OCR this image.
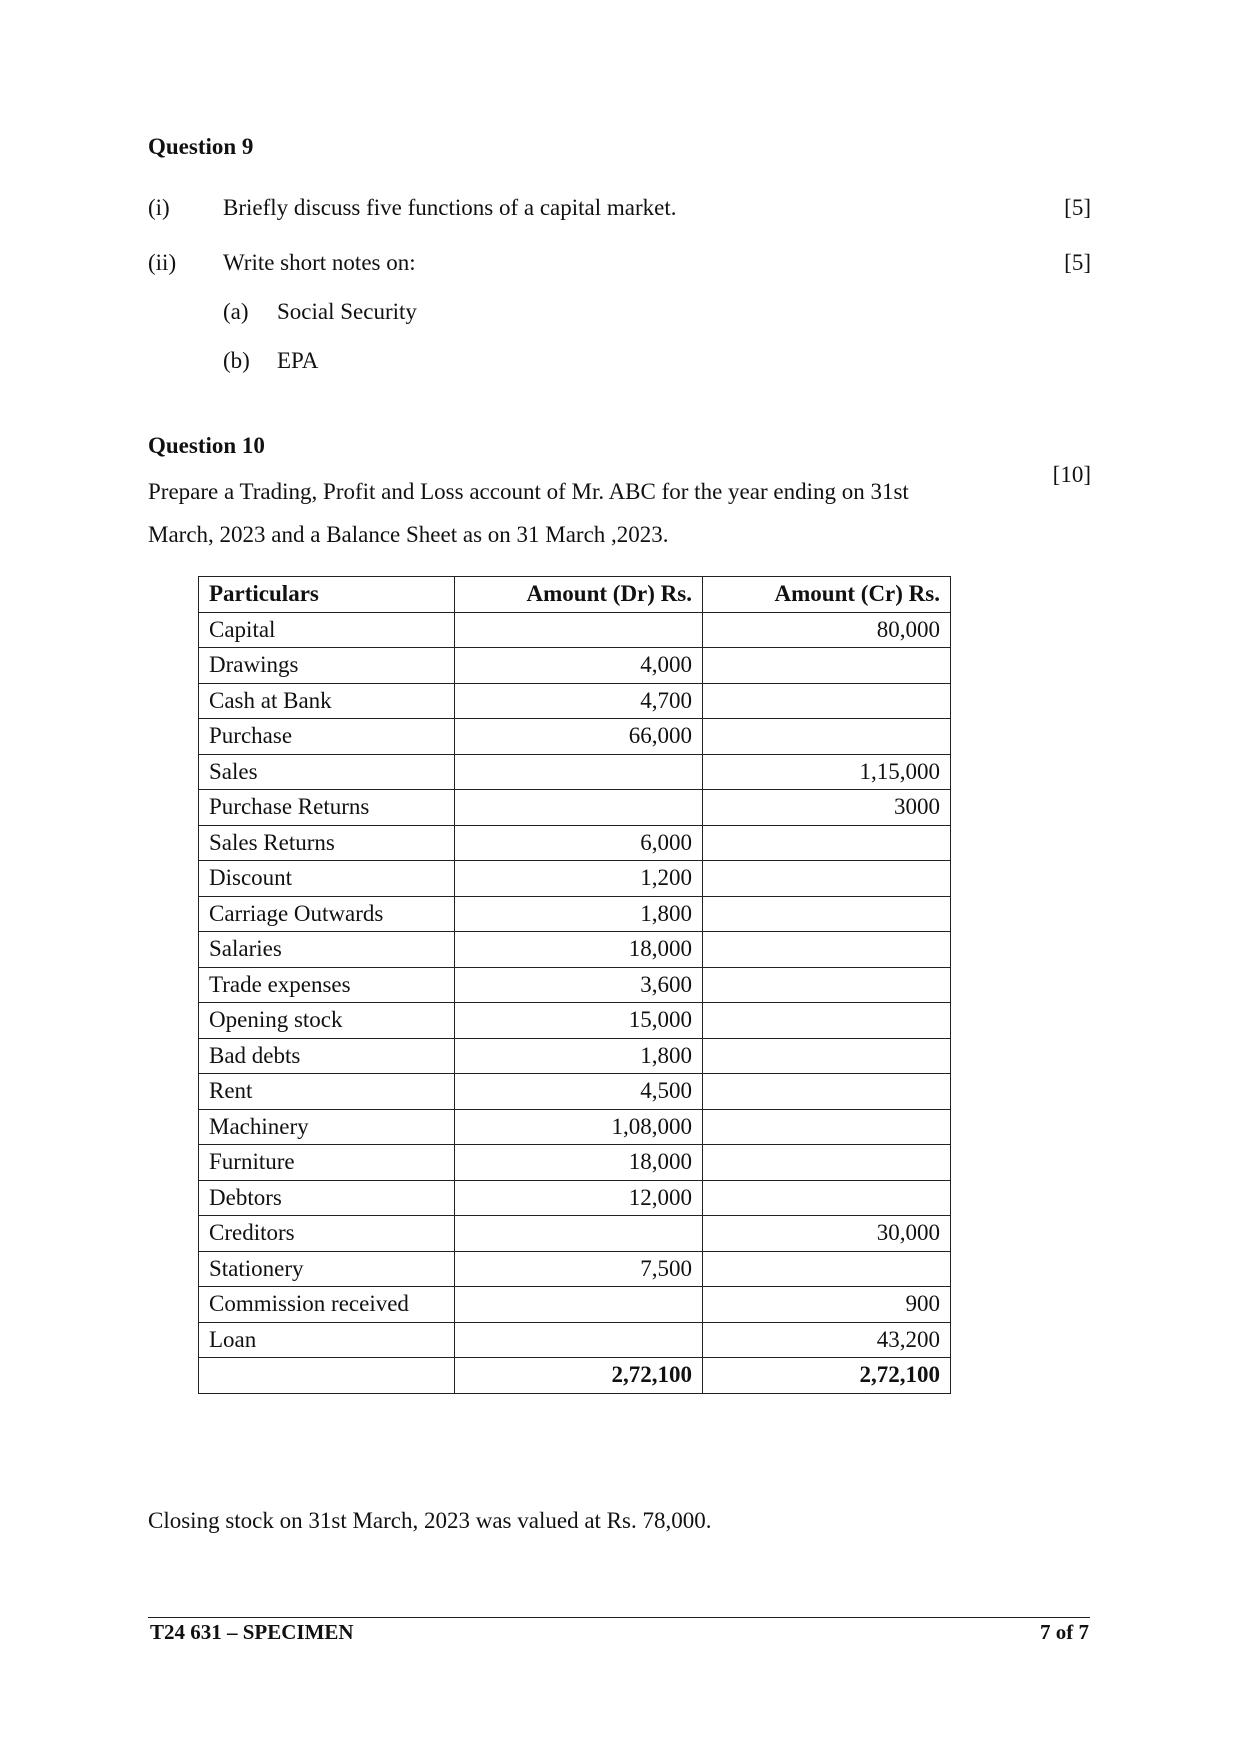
Question 9
(i) Briefly discuss five functions of a capital market.	[5]
(ii) Write short notes on:	[5]
(a) Social Security
(b) EPA
Question 10
[10]
Prepare a Trading, Profit and Loss account of Mr. ABC for the year ending on 31st
March, 2023 and a Balance Sheet as on 31 March ,2023.
Particulars	Amount (Dr) Rs.	Amount (Cr) Rs.
Capital		80,000
Drawings	4,000	
Cash at Bank	4,700	
Purchase	66,000	
Sales		1,15,000
Purchase Returns		3000
Sales Returns	6,000	
Discount	1,200	
Carriage Outwards	1,800	
Salaries	18,000	
Trade expenses	3,600	
Opening stock	15,000	
Bad debts	1,800	
Rent	4,500	
Machinery	1,08,000	
Furniture	18,000	
Debtors	12,000	
Creditors		30,000
Stationery	7,500	
Commission received		900
Loan		43,200
	2,72,100	2,72,100
Closing stock on 31st March, 2023 was valued at Rs. 78,000.
T24 631 – SPECIMEN	7 of 7
